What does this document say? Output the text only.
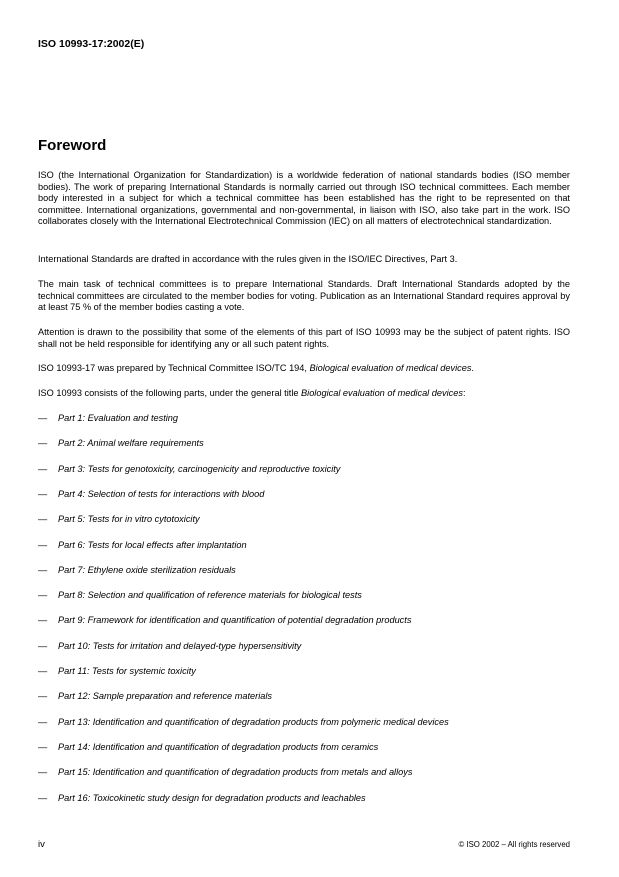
ISO 10993-17:2002(E)
Foreword
ISO (the International Organization for Standardization) is a worldwide federation of national standards bodies (ISO member bodies). The work of preparing International Standards is normally carried out through ISO technical committees. Each member body interested in a subject for which a technical committee has been established has the right to be represented on that committee. International organizations, governmental and non-governmental, in liaison with ISO, also take part in the work. ISO collaborates closely with the International Electrotechnical Commission (IEC) on all matters of electrotechnical standardization.
International Standards are drafted in accordance with the rules given in the ISO/IEC Directives, Part 3.
The main task of technical committees is to prepare International Standards. Draft International Standards adopted by the technical committees are circulated to the member bodies for voting. Publication as an International Standard requires approval by at least 75 % of the member bodies casting a vote.
Attention is drawn to the possibility that some of the elements of this part of ISO 10993 may be the subject of patent rights. ISO shall not be held responsible for identifying any or all such patent rights.
ISO 10993-17 was prepared by Technical Committee ISO/TC 194, Biological evaluation of medical devices.
ISO 10993 consists of the following parts, under the general title Biological evaluation of medical devices:
— Part 1: Evaluation and testing
— Part 2: Animal welfare requirements
— Part 3: Tests for genotoxicity, carcinogenicity and reproductive toxicity
— Part 4: Selection of tests for interactions with blood
— Part 5: Tests for in vitro cytotoxicity
— Part 6: Tests for local effects after implantation
— Part 7: Ethylene oxide sterilization residuals
— Part 8: Selection and qualification of reference materials for biological tests
— Part 9: Framework for identification and quantification of potential degradation products
— Part 10: Tests for irritation and delayed-type hypersensitivity
— Part 11: Tests for systemic toxicity
— Part 12: Sample preparation and reference materials
— Part 13: Identification and quantification of degradation products from polymeric medical devices
— Part 14: Identification and quantification of degradation products from ceramics
— Part 15: Identification and quantification of degradation products from metals and alloys
— Part 16: Toxicokinetic study design for degradation products and leachables
iv	© ISO 2002 – All rights reserved
